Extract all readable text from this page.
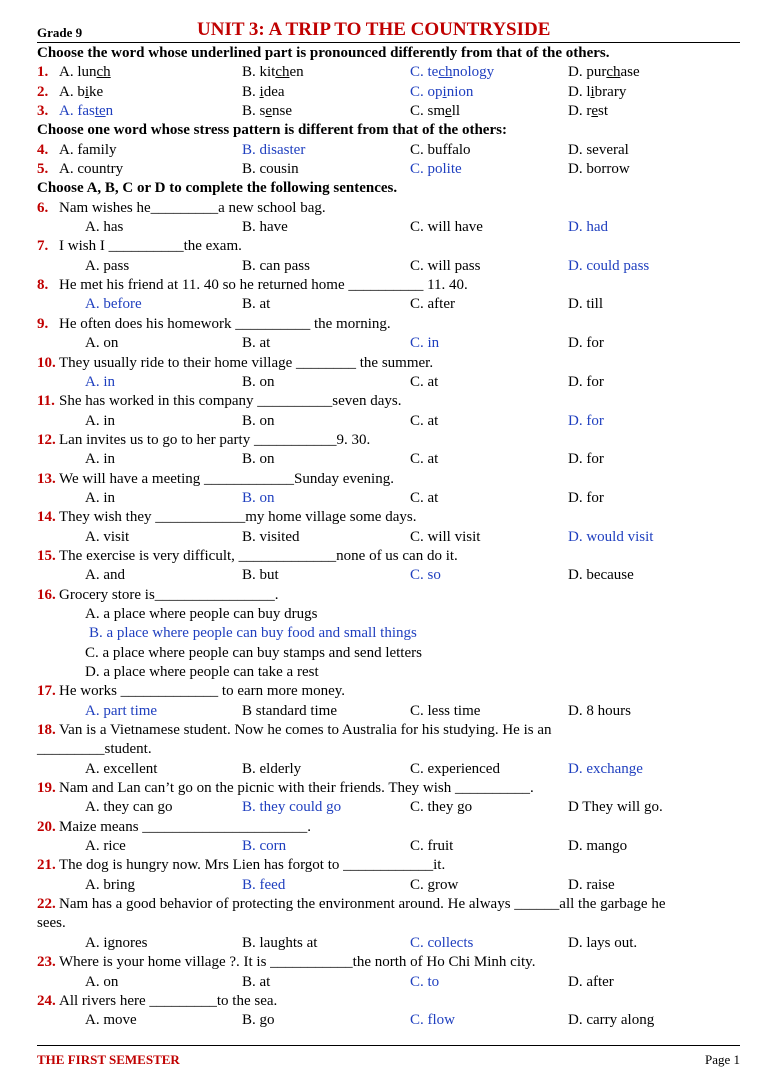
Grade 9	UNIT 3: A TRIP TO THE COUNTRYSIDE
Choose the word whose underlined part is pronounced differently from that of the others.
1. A. lunch	B. kitchen	C. technology	D. purchase
2. A. bike	B. idea	C. opinion	D. library
3. A. fasten	B. sense	C. smell	D. rest
Choose one word whose stress pattern is different from that of the others:
4. A. family	B. disaster	C. buffalo	D. several
5. A. country	B. cousin	C. polite	D. borrow
Choose A, B, C or D to complete the following sentences.
6. Nam wishes he_________a new school bag.
A. has	B. have	C. will have	D. had
7. I wish I __________the exam.
A. pass	B. can pass	C. will pass	D. could pass
8. He met his friend at 11. 40 so he returned home __________ 11. 40.
A. before	B. at	C. after	D. till
9. He often does his homework __________ the morning.
A. on	B. at	C. in	D. for
10. They usually ride to their home village ________ the summer.
A. in	B. on	C. at	D. for
11. She has worked in this company __________seven days.
A. in	B. on	C. at	D. for
12. Lan invites us to go to her party ___________9. 30.
A. in	B. on	C. at	D. for
13. We will have a meeting ____________Sunday evening.
A. in	B. on	C. at	D. for
14. They wish they ____________my home village some days.
A. visit	B. visited	C. will visit	D. would visit
15. The exercise is very difficult, _____________none of us can do it.
A. and	B. but	C. so	D. because
16. Grocery store is________________.
A. a place where people can buy drugs
B. a place where people can buy food and small things
C. a place where people can buy stamps and send letters
D. a place where people can take a rest
17. He works _____________ to earn more money.
A. part time	B standard time	C. less time	D. 8 hours
18. Van is a Vietnamese student. Now he comes to Australia for his studying. He is an
_________student.
A. excellent	B. elderly	C. experienced	D. exchange
19. Nam and Lan can’t go on the picnic with their friends. They wish __________.
A. they can go	B. they could go	C. they go	D They will go.
20. Maize means ______________________.
A. rice	B. corn	C. fruit	D. mango
21. The dog is hungry now. Mrs Lien has forgot to ____________it.
A. bring	B. feed	C. grow	D. raise
22. Nam has a good behavior of protecting the environment around. He always ______all the garbage he
sees.
A. ignores	B. laughts at	C. collects	D. lays out.
23. Where is your home village ?. It is ___________the north of Ho Chi Minh city.
A. on	B. at	C. to	D. after
24. All rivers here _________to the sea.
A. move	B. go	C. flow	D. carry along
THE FIRST SEMESTER	Page 1
